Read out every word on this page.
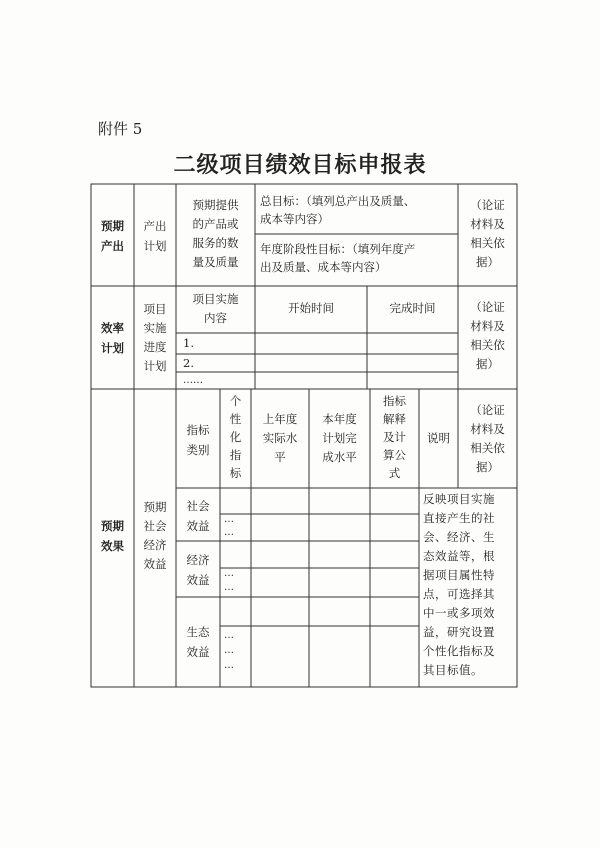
附件 5
二级项目绩效目标申报表
预期
产出
产出
计划
预期提供
的产品或
服务的数
量及质量
总目标：（填列总产出及质量、
成本等内容）
年度阶段性目标：（填列年度产
出及质量、成本等内容）
（论证
材料及
相关依
据）
效率
计划
项目
实施
进度
计划
项目实施
内容
开始时间	完成时间
1.
2.
……
（论证
材料及
相关依
据）
预期
效果
预期
社会
经济
效益
指标
类别
个
性
化
指
标
上年度
实际水
平
本年度
计划完
成水平
指标
解释
及计
算公
式
说明
（论证
材料及
相关依
据）
社会
效益
经济
效益
生态
效益
…
…
…
…
…
…
…
反映项目实施
直接产生的社
会、经济、生
态效益等，根
据项目属性特
点，可选择其
中一或多项效
益，研究设置
个性化指标及
其目标值。
